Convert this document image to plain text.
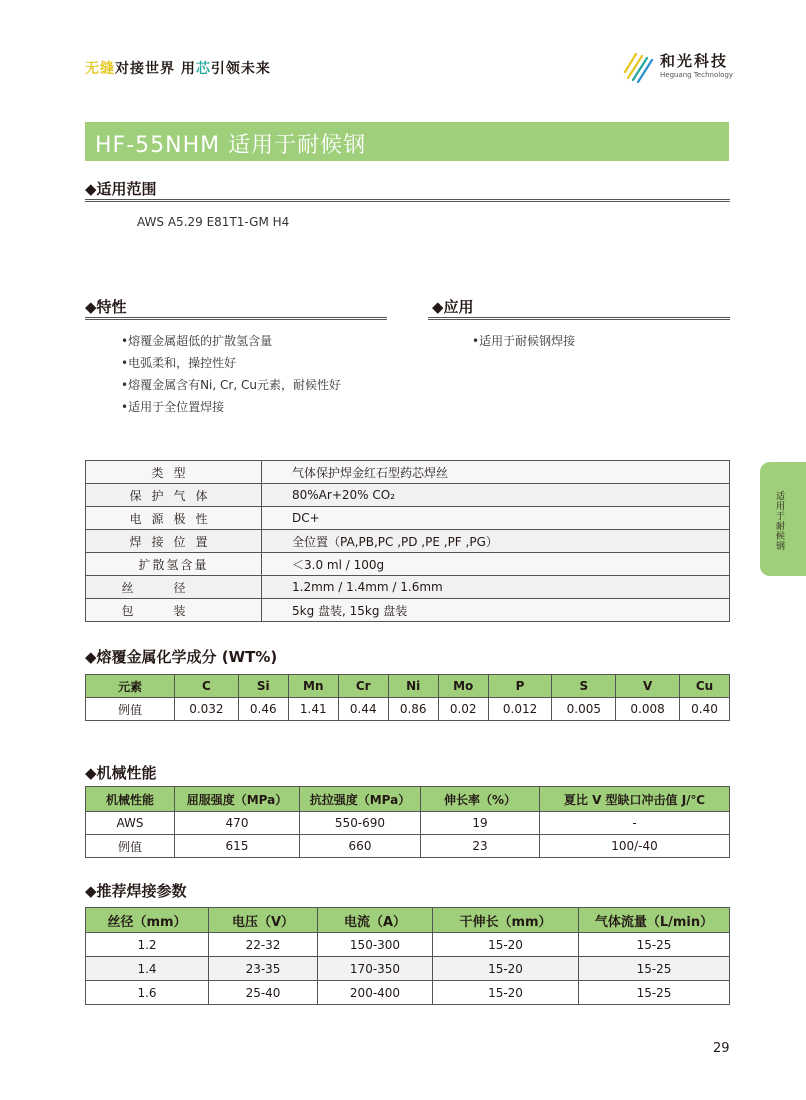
无缝对接世界 用芯引领未来	和光科技
Heguang Technology
HF-55NHM 适用于耐候钢
◆适用范围
AWS A5.29 E81T1-GM H4
◆特性
•熔覆金属超低的扩散氢含量
•电弧柔和，操控性好
•熔覆金属含有Ni, Cr, Cu元素，耐候性好
•适用于全位置焊接
◆应用
•适用于耐候钢焊接
类型	气体保护焊金红石型药芯焊丝
保护气体	80%Ar+20% CO₂
电源极性	DC+
焊接位置	全位置（PA,PB,PC ,PD ,PE ,PF ,PG）
扩散氢含量	＜3.0 ml / 100g
丝径	1.2mm / 1.4mm / 1.6mm
包装	5kg 盘装, 15kg 盘装
适用于耐候钢
◆熔覆金属化学成分 (WT%)
元素	C	Si	Mn	Cr	Ni	Mo	P	S	V	Cu
例值	0.032	0.46	1.41	0.44	0.86	0.02	0.012	0.005	0.008	0.40
◆机械性能
机械性能	屈服强度（MPa）	抗拉强度（MPa）	伸长率（%）	夏比 V 型缺口冲击值 J/℃
AWS	470	550-690	19	-
例值	615	660	23	100/-40
◆推荐焊接参数
丝径（mm）	电压（V）	电流（A）	干伸长（mm）	气体流量（L/min）
1.2	22-32	150-300	15-20	15-25
1.4	23-35	170-350	15-20	15-25
1.6	25-40	200-400	15-20	15-25
29
